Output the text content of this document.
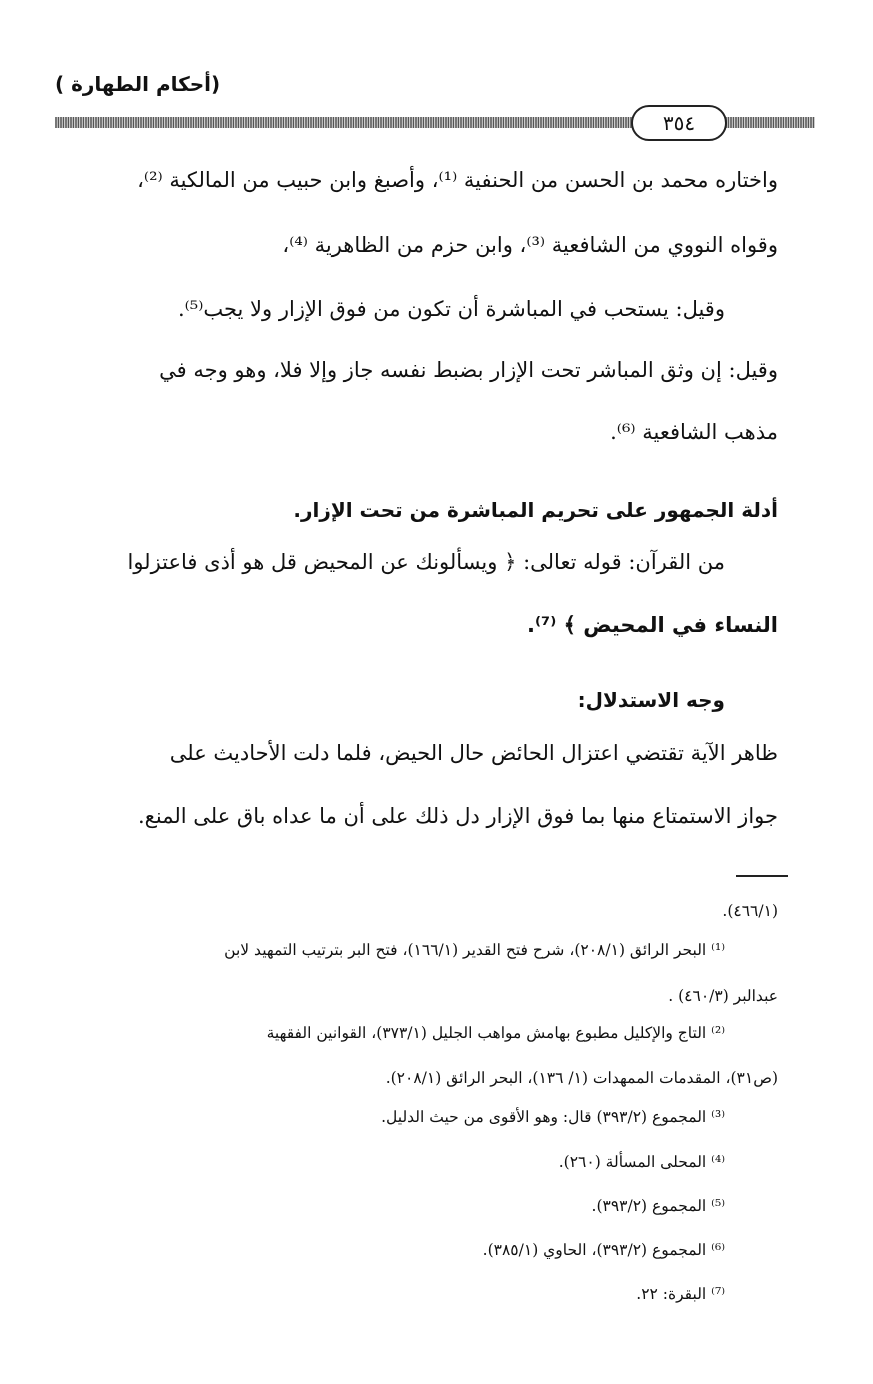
(أحكام الطهارة )
٣٥٤
واختاره محمد بن الحسن من الحنفية ⁽¹⁾، وأصبغ وابن حبيب من المالكية ⁽²⁾،
وقواه النووي من الشافعية ⁽³⁾، وابن حزم من الظاهرية ⁽⁴⁾،
وقيل: يستحب في المباشرة أن تكون من فوق الإزار ولا يجب⁽⁵⁾.
وقيل: إن وثق المباشر تحت الإزار بضبط نفسه جاز وإلا فلا، وهو وجه في
مذهب الشافعية ⁽⁶⁾.
أدلة الجمهور على تحريم المباشرة من تحت الإزار.
من القرآن: قوله تعالى: ﴿ ويسألونك عن المحيض قل هو أذى فاعتزلوا
النساء في المحيض ﴾ ⁽⁷⁾.
وجه الاستدلال:
ظاهر الآية تقتضي اعتزال الحائض حال الحيض، فلما دلت الأحاديث على
جواز الاستمتاع منها بما فوق الإزار دل ذلك على أن ما عداه باق على المنع.
(٤٦٦/١).
⁽¹⁾ البحر الرائق (٢٠٨/١)، شرح فتح القدير (١٦٦/١)، فتح البر بترتيب التمهيد لابن
عبدالبر (٤٦٠/٣) .
⁽²⁾ التاج والإكليل مطبوع بهامش مواهب الجليل (٣٧٣/١)، القوانين الفقهية
(ص٣١)، المقدمات الممهدات (١/ ١٣٦)، البحر الرائق (٢٠٨/١).
⁽³⁾ المجموع (٣٩٣/٢) قال: وهو الأقوى من حيث الدليل.
⁽⁴⁾ المحلى المسألة (٢٦٠).
⁽⁵⁾ المجموع (٣٩٣/٢).
⁽⁶⁾ المجموع (٣٩٣/٢)، الحاوي (٣٨٥/١).
⁽⁷⁾ البقرة: ٢٢.
